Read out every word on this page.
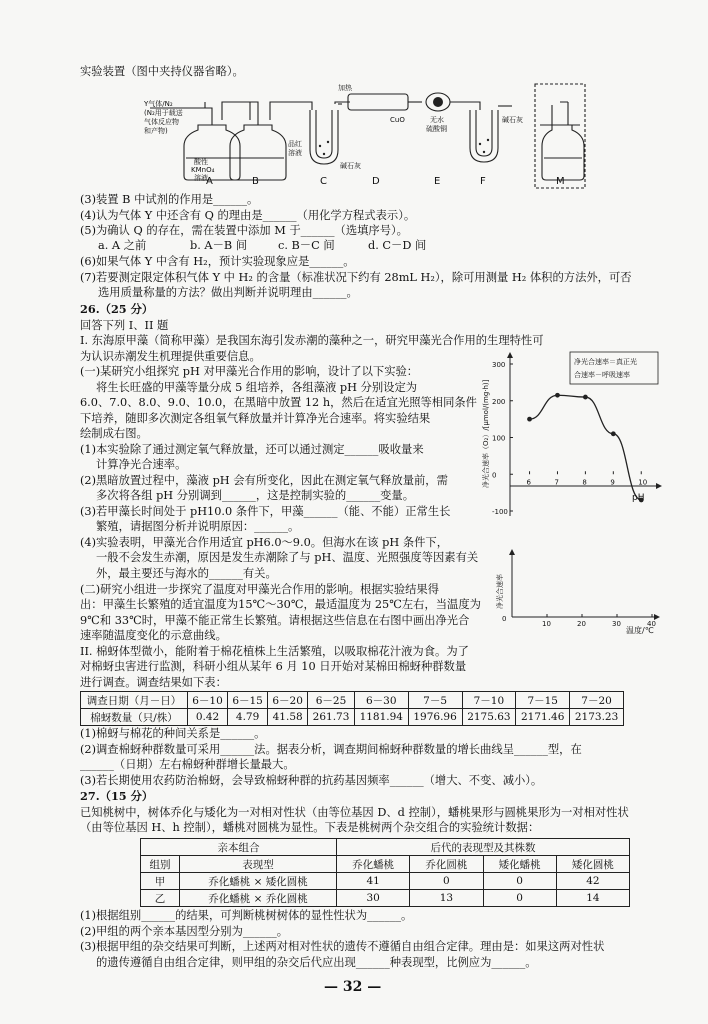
实验装置（图中夹持仪器省略）。
Y气体/N₂
(N₂用于载送
气体反应物
和产物)
酸性
KMnO₄
溶液
品红
溶液
碱石灰
加热
CuO	无水
硫酸铜
碱石灰
A	B	C	D	E	F	M
(3)装置 B 中试剂的作用是______。
(4)认为气体 Y 中还含有 Q 的理由是______（用化学方程式表示）。
(5)为确认 Q 的存在，需在装置中添加 M 于______（选填序号）。
a. A 之前	b. A－B 间	c. B－C 间	d. C－D 间
(6)如果气体 Y 中含有 H₂，预计实验现象应是______。
(7)若要测定限定体积气体 Y 中 H₂ 的含量（标准状况下约有 28mL H₂），除可用测量 H₂ 体积的方法外，可否
选用质量称量的方法？做出判断并说明理由______。
26.（25 分）
回答下列 I、II 题
I. 东海原甲藻（简称甲藻）是我国东海引发赤潮的藻种之一，研究甲藻光合作用的生理特性可
为认识赤潮发生机理提供重要信息。
(一)某研究小组探究 pH 对甲藻光合作用的影响，设计了以下实验：
将生长旺盛的甲藻等量分成 5 组培养，各组藻液 pH 分别设定为
6.0、7.0、8.0、9.0、10.0，在黑暗中放置 12 h，然后在适宜光照等相同条件
下培养，随即多次测定各组氧气释放量并计算净光合速率。将实验结果
绘制成右图。
(1)本实验除了通过测定氧气释放量，还可以通过测定______吸收量来
计算净光合速率。
(2)黑暗放置过程中，藻液 pH 会有所变化，因此在测定氧气释放量前，需
多次将各组 pH 分别调到______，这是控制实验的______变量。
(3)若甲藻长时间处于 pH10.0 条件下，甲藻______（能、不能）正常生长
繁殖，请据图分析并说明原因：______。
(4)实验表明，甲藻光合作用适宜 pH6.0～9.0。但海水在该 pH 条件下，
一般不会发生赤潮，原因是发生赤潮除了与 pH、温度、光照强度等因素有关
外，最主要还与海水的______有关。
(二)研究小组进一步探究了温度对甲藻光合作用的影响。根据实验结果得
出：甲藻生长繁殖的适宜温度为15℃～30℃，最适温度为 25℃左右，当温度为
9℃和 33℃时，甲藻不能正常生长繁殖。请根据这些信息在右图中画出净光合
速率随温度变化的示意曲线。
II. 棉蚜体型微小，能附着于棉花植株上生活繁殖，以吸取棉花汁液为食。为了
对棉蚜虫害进行监测，科研小组从某年 6 月 10 日开始对某棉田棉蚜种群数量
进行调查。调查结果如下表：
6	7	8	9	10
-100
0
100
200
300
pH
净光合速率（O₂）/[μmol/(mg·h)]
净光合速率＝真正光
合速率－呼吸速率
0
10	20	30	40
温度/℃
净光合速率
调查日期（月－日）	6－10	6－15	6－20	6－25	6－30	7－5	7－10	7－15	7－20
棉蚜数量（只/株）	0.42	4.79	41.58	261.73	1181.94	1976.96	2175.63	2171.46	2173.23
(1)棉蚜与棉花的种间关系是______。
(2)调查棉蚜种群数量可采用______法。据表分析，调查期间棉蚜种群数量的增长曲线呈______型，在
______（日期）左右棉蚜种群增长量最大。
(3)若长期使用农药防治棉蚜，会导致棉蚜种群的抗药基因频率______（增大、不变、减小）。
27.（15 分）
已知桃树中，树体乔化与矮化为一对相对性状（由等位基因 D、d 控制），蟠桃果形与圆桃果形为一对相对性状
（由等位基因 H、h 控制），蟠桃对圆桃为显性。下表是桃树两个杂交组合的实验统计数据：
亲本组合		后代的表现型及其株数			
组别	表现型	乔化蟠桃	乔化圆桃	矮化蟠桃	矮化圆桃
甲	乔化蟠桃 × 矮化圆桃	41	0	0	42
乙	乔化蟠桃 × 乔化圆桃	30	13	0	14
(1)根据组别______的结果，可判断桃树树体的显性性状为______。
(2)甲组的两个亲本基因型分别为______。
(3)根据甲组的杂交结果可判断，上述两对相对性状的遗传不遵循自由组合定律。理由是：如果这两对性状
的遗传遵循自由组合定律，则甲组的杂交后代应出现______种表现型，比例应为______。
— 32 —
